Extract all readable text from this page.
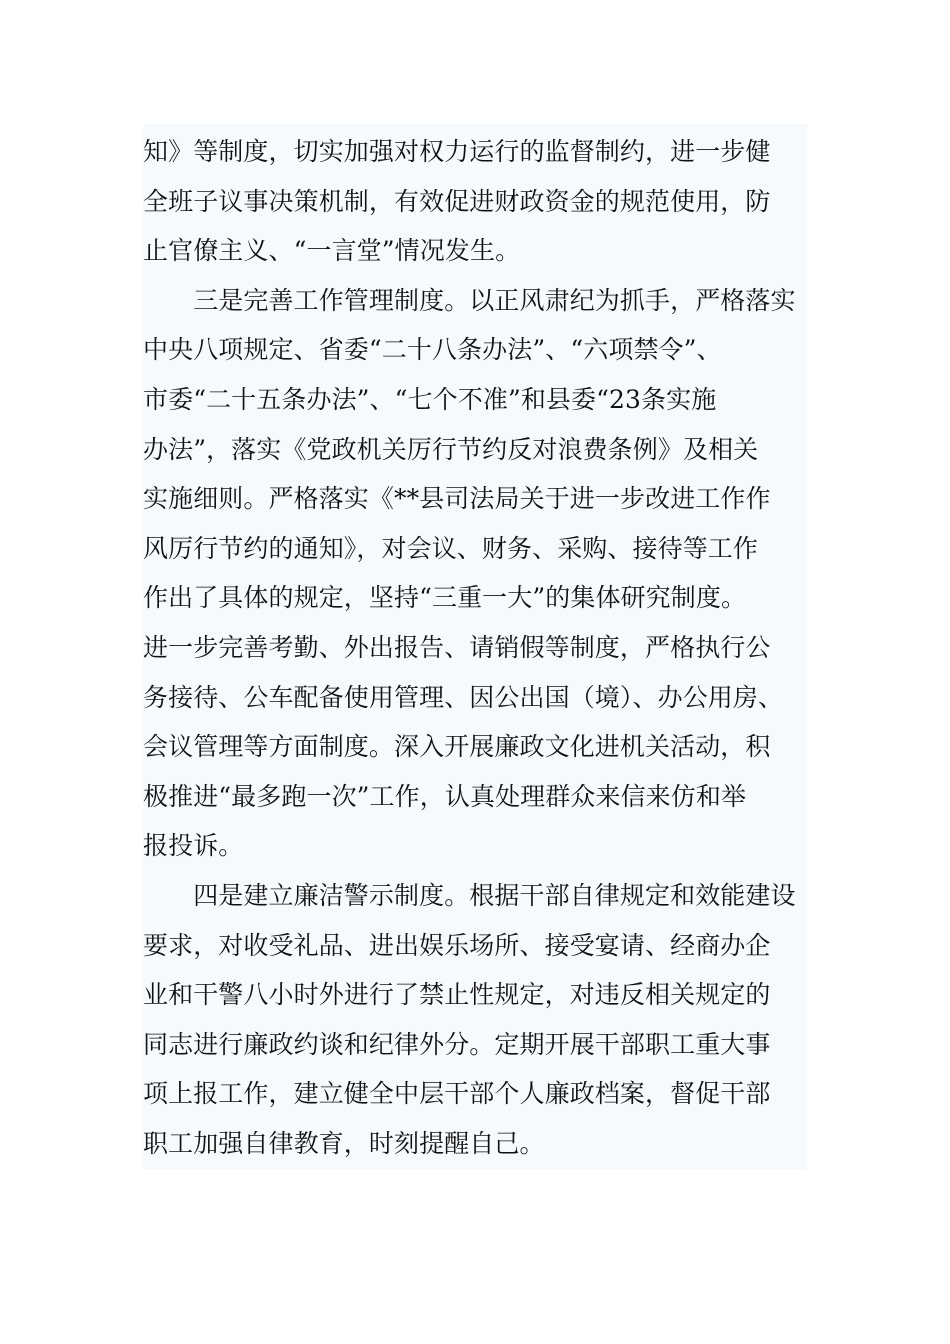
知》等制度，切实加强对权力运行的监督制约，进一步健
全班子议事决策机制，有效促进财政资金的规范使用，防
止官僚主义、“一言堂”情况发生。

　　三是完善工作管理制度。以正风肃纪为抓手，严格落实
中央八项规定、省委“二十八条办法”、“六项禁令”、
市委“二十五条办法”、“七个不准”和县委“23条实施
办法”，落实《党政机关厉行节约反对浪费条例》及相关
实施细则。严格落实《**县司法局关于进一步改进工作作
风厉行节约的通知》，对会议、财务、采购、接待等工作
作出了具体的规定，坚持“三重一大”的集体研究制度。
进一步完善考勤、外出报告、请销假等制度，严格执行公
务接待、公车配备使用管理、因公出国（境）、办公用房、
会议管理等方面制度。深入开展廉政文化进机关活动，积
极推进“最多跑一次”工作，认真处理群众来信来仿和举
报投诉。

　　四是建立廉洁警示制度。根据干部自律规定和效能建设
要求，对收受礼品、进出娱乐场所、接受宴请、经商办企
业和干警八小时外进行了禁止性规定，对违反相关规定的
同志进行廉政约谈和纪律外分。定期开展干部职工重大事
项上报工作，建立健全中层干部个人廉政档案，督促干部
职工加强自律教育，时刻提醒自己。
